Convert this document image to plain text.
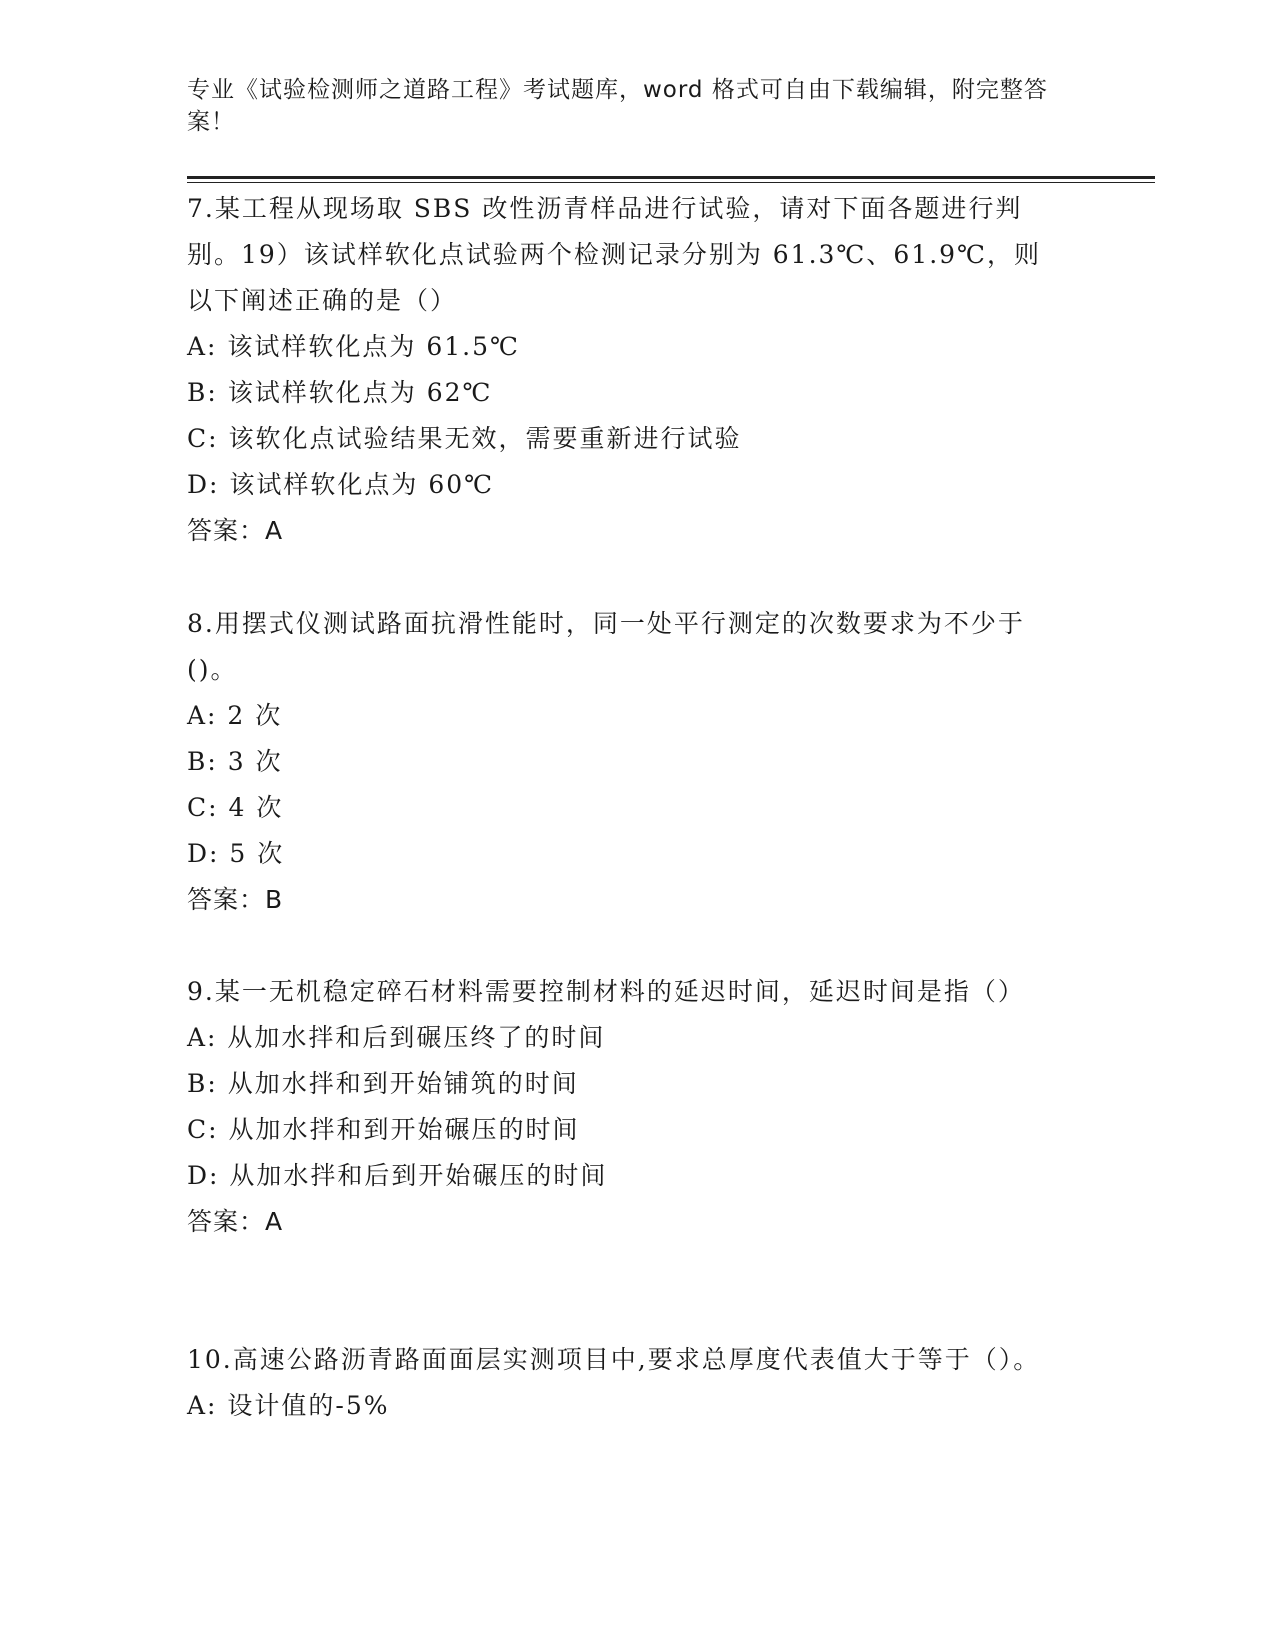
专业《试验检测师之道路工程》考试题库，word 格式可自由下载编辑，附完整答案！
7.某工程从现场取 SBS 改性沥青样品进行试验，请对下面各题进行判别。19）该试样软化点试验两个检测记录分别为 61.3℃、61.9℃，则以下阐述正确的是（）
A: 该试样软化点为 61.5℃
B: 该试样软化点为 62℃
C: 该软化点试验结果无效，需要重新进行试验
D: 该试样软化点为 60℃
答案：A
8.用摆式仪测试路面抗滑性能时，同一处平行测定的次数要求为不少于()。
A: 2 次
B: 3 次
C: 4 次
D: 5 次
答案：B
9.某一无机稳定碎石材料需要控制材料的延迟时间，延迟时间是指（）
A: 从加水拌和后到碾压终了的时间
B: 从加水拌和到开始铺筑的时间
C: 从加水拌和到开始碾压的时间
D: 从加水拌和后到开始碾压的时间
答案：A
10.高速公路沥青路面面层实测项目中,要求总厚度代表值大于等于（）。
A: 设计值的-5%
